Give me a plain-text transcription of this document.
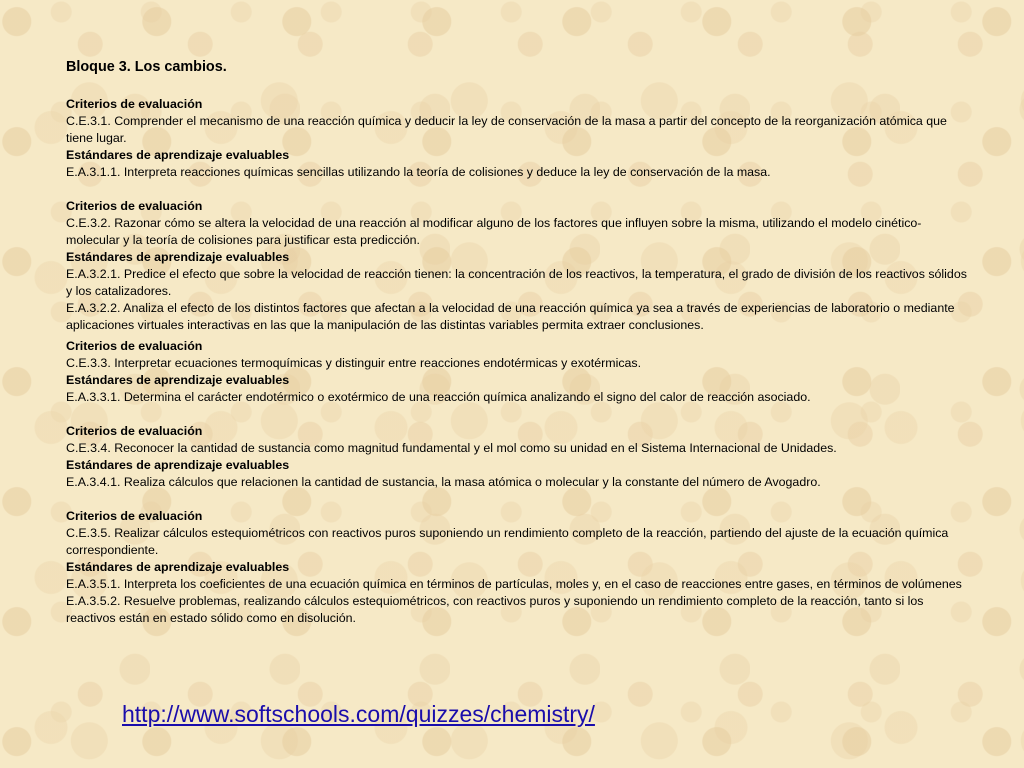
Bloque 3. Los cambios.
Criterios de evaluación
C.E.3.1. Comprender el mecanismo de una reacción química y deducir la ley de conservación de la masa a partir del concepto de la reorganización atómica que tiene lugar.
Estándares de aprendizaje evaluables
E.A.3.1.1. Interpreta reacciones químicas sencillas utilizando la teoría de colisiones y deduce la ley de conservación de la masa.
Criterios de evaluación
C.E.3.2. Razonar cómo se altera la velocidad de una reacción al modificar alguno de los factores que influyen sobre la misma, utilizando el modelo cinético-molecular y la teoría de colisiones para justificar esta predicción.
Estándares de aprendizaje evaluables
E.A.3.2.1. Predice el efecto que sobre la velocidad de reacción tienen: la concentración de los reactivos, la temperatura, el grado de división de los reactivos sólidos y los catalizadores.
E.A.3.2.2. Analiza el efecto de los distintos factores que afectan a la velocidad de una reacción química ya sea a través de experiencias de laboratorio o mediante aplicaciones virtuales interactivas en las que la manipulación de las distintas variables permita extraer conclusiones.
Criterios de evaluación
C.E.3.3. Interpretar ecuaciones termoquímicas y distinguir entre reacciones endotérmicas y exotérmicas.
Estándares de aprendizaje evaluables
E.A.3.3.1. Determina el carácter endotérmico o exotérmico de una reacción química analizando el signo del calor de reacción asociado.
Criterios de evaluación
C.E.3.4. Reconocer la cantidad de sustancia como magnitud fundamental y el mol como su unidad en el Sistema Internacional de Unidades.
Estándares de aprendizaje evaluables
E.A.3.4.1. Realiza cálculos que relacionen la cantidad de sustancia, la masa atómica o molecular y la constante del número de Avogadro.
Criterios de evaluación
C.E.3.5. Realizar cálculos estequiométricos con reactivos puros suponiendo un rendimiento completo de la reacción, partiendo del ajuste de la ecuación química correspondiente.
Estándares de aprendizaje evaluables
E.A.3.5.1. Interpreta los coeficientes de una ecuación química en términos de partículas, moles y, en el caso de reacciones entre gases, en términos de volúmenes
E.A.3.5.2. Resuelve problemas, realizando cálculos estequiométricos, con reactivos puros y suponiendo un rendimiento completo de la reacción, tanto si los reactivos están en estado sólido como en disolución.
http://www.softschools.com/quizzes/chemistry/
